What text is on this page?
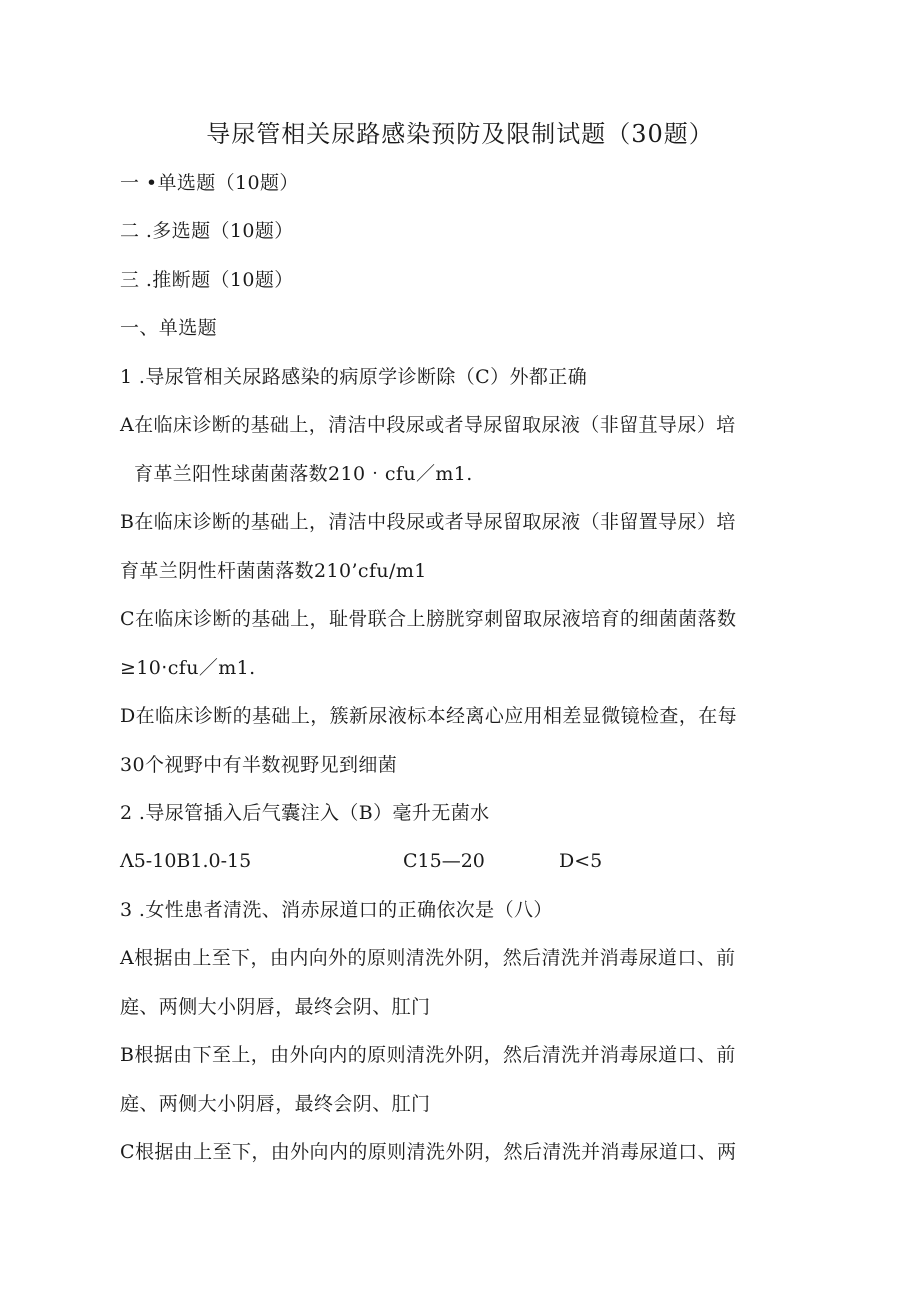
导尿管相关尿路感染预防及限制试题（30题）
一 •单选题（10题）
二 .多选题（10题）
三 .推断题（10题）
一、单选题
1 .导尿管相关尿路感染的病原学诊断除（C）外都正确
A在临床诊断的基础上，清洁中段尿或者导尿留取尿液（非留苴导尿）培
育革兰阳性球菌菌落数210‧cfu／m1.
B在临床诊断的基础上，清洁中段尿或者导尿留取尿液（非留置导尿）培
育革兰阴性杆菌菌落数210’cfu/m1
C在临床诊断的基础上，耻骨联合上膀胱穿刺留取尿液培育的细菌菌落数
≥10‧cfu／m1.
D在临床诊断的基础上，簇新尿液标本经离心应用相差显微镜检查，在每
30个视野中有半数视野见到细菌
2 .导尿管插入后气囊注入（B）毫升无菌水
Λ5-10B1.0-15	C15—20	D<5
3 .女性患者清洗、消赤尿道口的正确依次是（八）
A根据由上至下，由内向外的原则清洗外阴，然后清洗并消毒尿道口、前
庭、两侧大小阴唇，最终会阴、肛门
B根据由下至上，由外向内的原则清洗外阴，然后清洗并消毒尿道口、前
庭、两侧大小阴唇，最终会阴、肛门
C根据由上至下，由外向内的原则清洗外阴，然后清洗并消毒尿道口、两
